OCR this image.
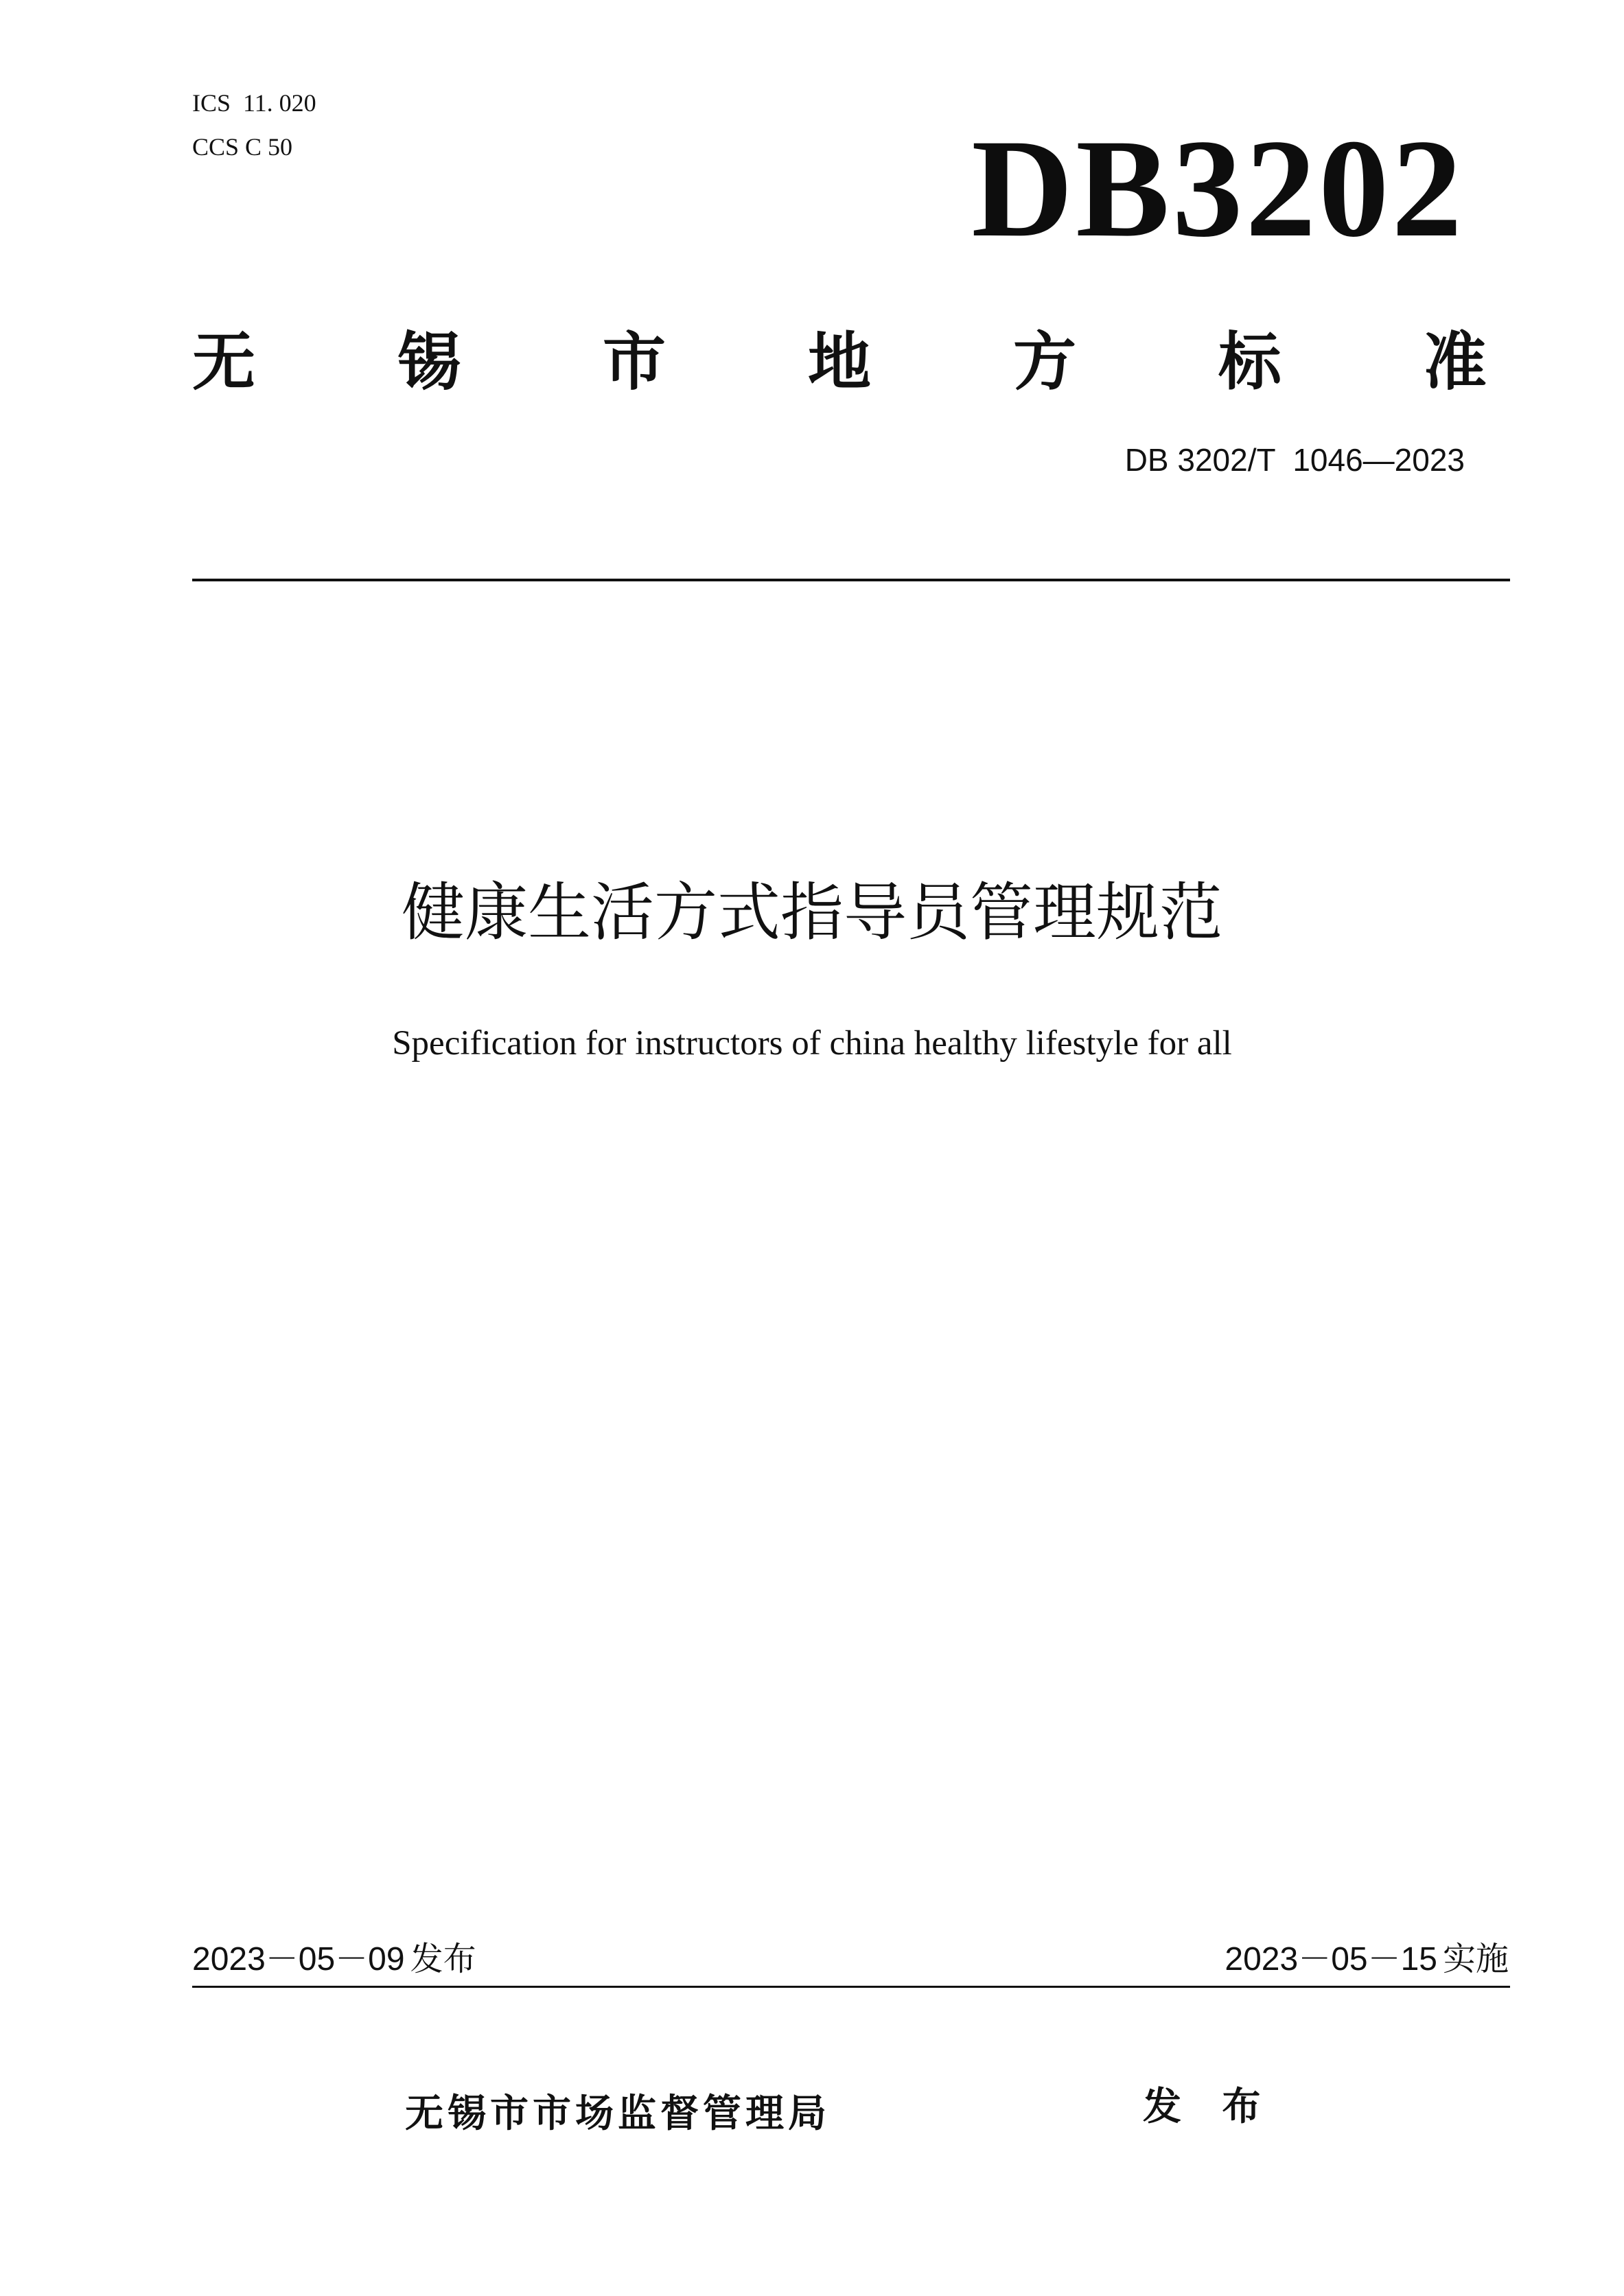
ICS  11. 020
CCS C 50	DB3202
无 锡 市 地 方 标 准
DB 3202/T  1046—2023
健康生活方式指导员管理规范
Specification for instructors of china healthy lifestyle for all
2023－05－09 发布	2023－05－15 实施
无锡市市场监督管理局	发 布
